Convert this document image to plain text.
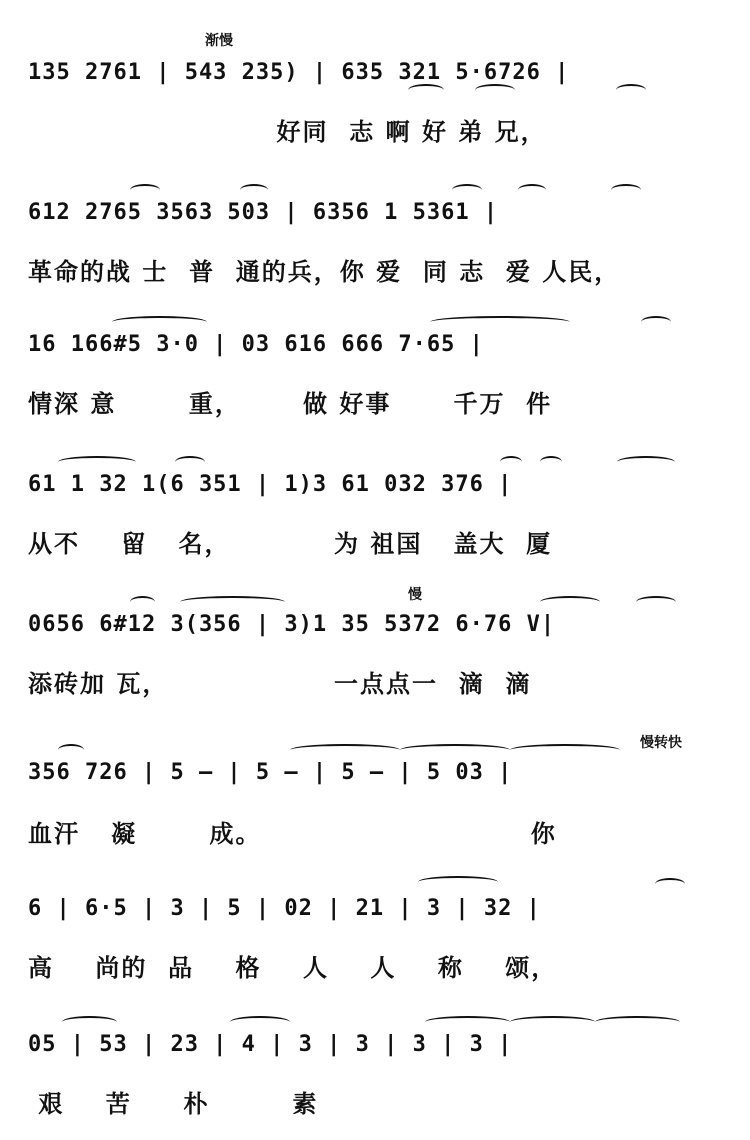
渐慢
135 2761 | 543 235) | 635 321 5·6726 |
好同  志 啊 好 弟 兄，
612 2765 3563 503 | 6356 1 5361 |
革命的战 士  普  通的兵，你 爱  同 志  爱 人民，
16 166#5 3·0 | 03 616 666 7·65 |
情深 意       重，      做 好事      千万  件
61 1 32 1(6 351 | 1)3 61 032 376 |
从不    留   名，          为 祖国   盖大  厦
慢
0656 6#12 3(356 | 3)1 35 5372 6·76 V|
添砖加 瓦，                一点点一  滴  滴
慢转快
356 726 | 5 — | 5 — | 5 — | 5 03 |
血汗   凝       成。                          你
6 | 6·5 | 3 | 5 | 02 | 21 | 3 | 32 |
高    尚的  品    格    人    人    称    颂，
05 | 53 | 23 | 4 | 3 | 3 | 3 | 3 |
艰    苦     朴        素
